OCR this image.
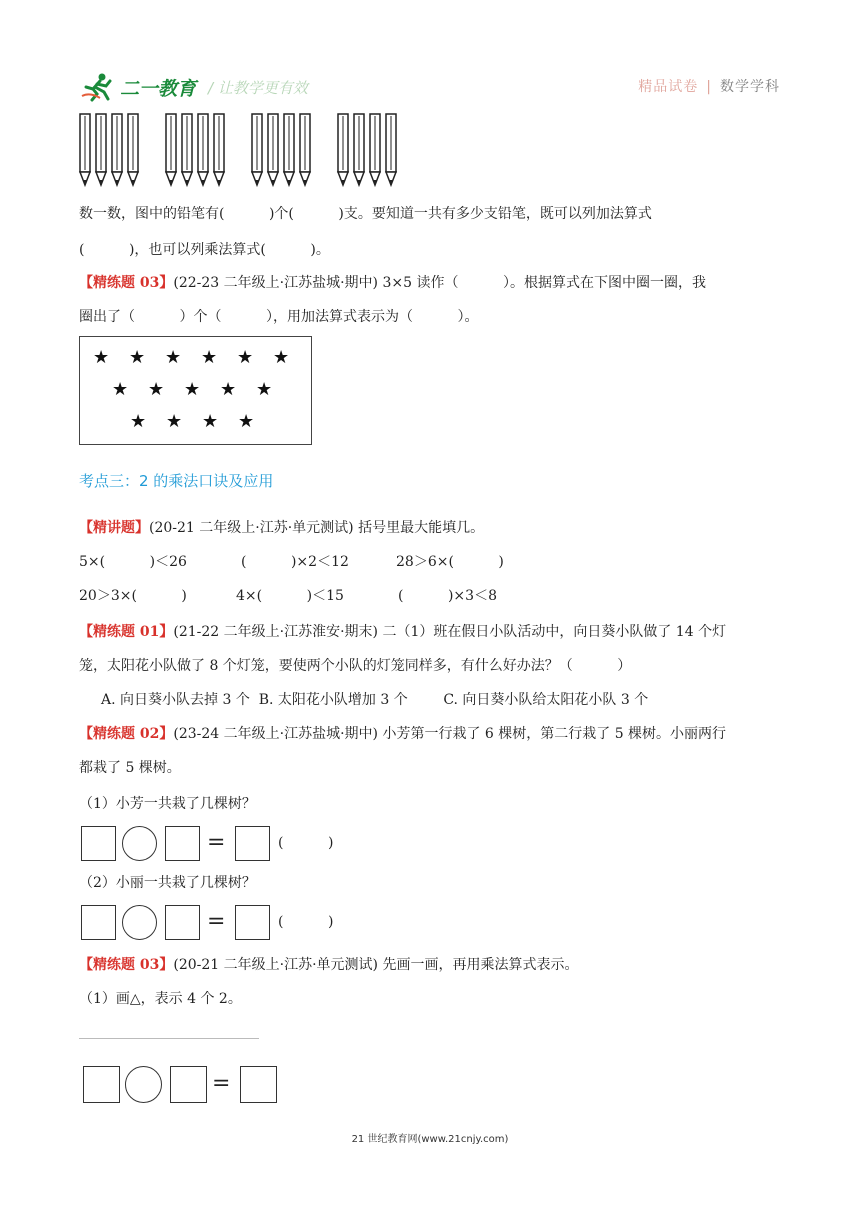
二一教育 / 让教学更有效	精品试卷 | 数学学科
数一数，图中的铅笔有(          )个(          )支。要知道一共有多少支铅笔，既可以列加法算式
(          )，也可以列乘法算式(          )。
【精练题 03】(22-23 二年级上·江苏盐城·期中) 3×5 读作（          ）。根据算式在下图中圈一圈，我
圈出了（          ）个（          ），用加法算式表示为（          ）。
★ ★ ★ ★ ★ ★
★ ★ ★ ★ ★
★ ★ ★ ★
考点三：2 的乘法口诀及应用
【精讲题】(20-21 二年级上·江苏·单元测试) 括号里最大能填几。
5×(          )＜26	(          )×2＜12	28＞6×(          )
20＞3×(          )	4×(          )＜15	(          )×3＜8
【精练题 01】(21-22 二年级上·江苏淮安·期末) 二（1）班在假日小队活动中，向日葵小队做了 14 个灯
笼，太阳花小队做了 8 个灯笼，要使两个小队的灯笼同样多，有什么好办法？（          ）
A. 向日葵小队去掉 3 个  B. 太阳花小队增加 3 个        C. 向日葵小队给太阳花小队 3 个
【精练题 02】(23-24 二年级上·江苏盐城·期中) 小芳第一行栽了 6 棵树，第二行栽了 5 棵树。小丽两行
都栽了 5 棵树。
（1）小芳一共栽了几棵树？
=	(          )
（2）小丽一共栽了几棵树？
=	(          )
【精练题 03】(20-21 二年级上·江苏·单元测试) 先画一画，再用乘法算式表示。
（1）画△，表示 4 个 2。
=
21 世纪教育网(www.21cnjy.com)
